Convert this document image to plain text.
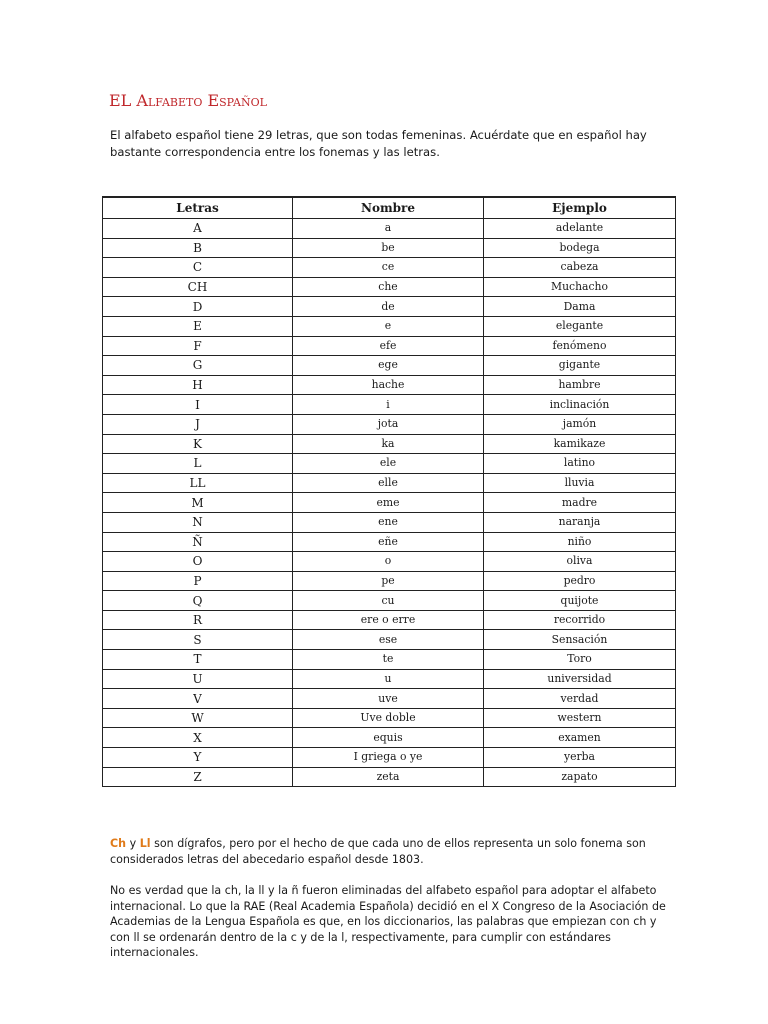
EL Alfabeto Español

El alfabeto español tiene 29 letras, que son todas femeninas. Acuérdate que en español hay bastante correspondencia entre los fonemas y las letras.

Letras	Nombre	Ejemplo
A	a	adelante
B	be	bodega
C	ce	cabeza
CH	che	Muchacho
D	de	Dama
E	e	elegante
F	efe	fenómeno
G	ege	gigante
H	hache	hambre
I	i	inclinación
J	jota	jamón
K	ka	kamikaze
L	ele	latino
LL	elle	lluvia
M	eme	madre
N	ene	naranja
Ñ	eñe	niño
O	o	oliva
P	pe	pedro
Q	cu	quijote
R	ere o erre	recorrido
S	ese	Sensación
T	te	Toro
U	u	universidad
V	uve	verdad
W	Uve doble	western
X	equis	examen
Y	I griega o ye	yerba
Z	zeta	zapato

Ch y Ll son dígrafos, pero por el hecho de que cada uno de ellos representa un solo fonema son considerados letras del abecedario español desde 1803.

No es verdad que la ch, la ll y la ñ fueron eliminadas del alfabeto español para adoptar el alfabeto internacional. Lo que la RAE (Real Academia Española) decidió en el X Congreso de la Asociación de Academias de la Lengua Española es que, en los diccionarios, las palabras que empiezan con ch y con ll se ordenarán dentro de la c y de la l, respectivamente, para cumplir con estándares internacionales.
